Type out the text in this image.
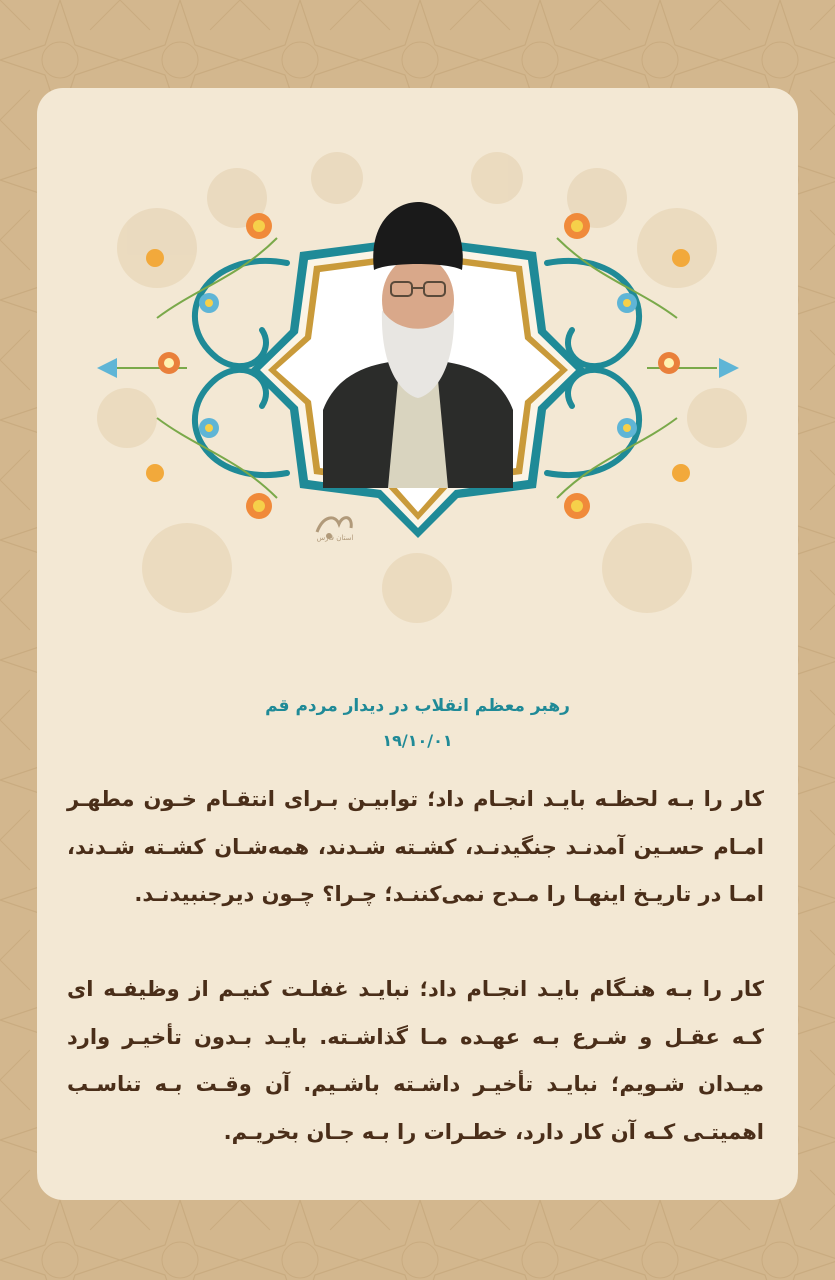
استان فارس
رهبر معظم انقلاب در دیدار مردم قم
۱۹/۱۰/۰۱
کار را بـه لحظـه بایـد انجـام داد؛ توابیـن بـرای انتقـام خـون مطهـر امـام حسـین آمدنـد جنگیدنـد، کشـته شـدند، همه‌شـان کشـته شـدند، امـا در تاریـخ اینهـا را مـدح نمی‌کننـد؛ چـرا؟ چـون دیرجنبیدنـد.
کار را بـه هنـگام بایـد انجـام داد؛ نبایـد غفلـت کنیـم از وظیفـه ای کـه عقـل و شـرع بـه عهـده مـا گذاشـته. بایـد بـدون تأخیـر وارد میـدان شـویم؛ نبایـد تأخیـر داشـته باشـیم. آن وقـت بـه تناسـب اهمیتـی کـه آن کار دارد، خطـرات را بـه جـان بخریـم.
